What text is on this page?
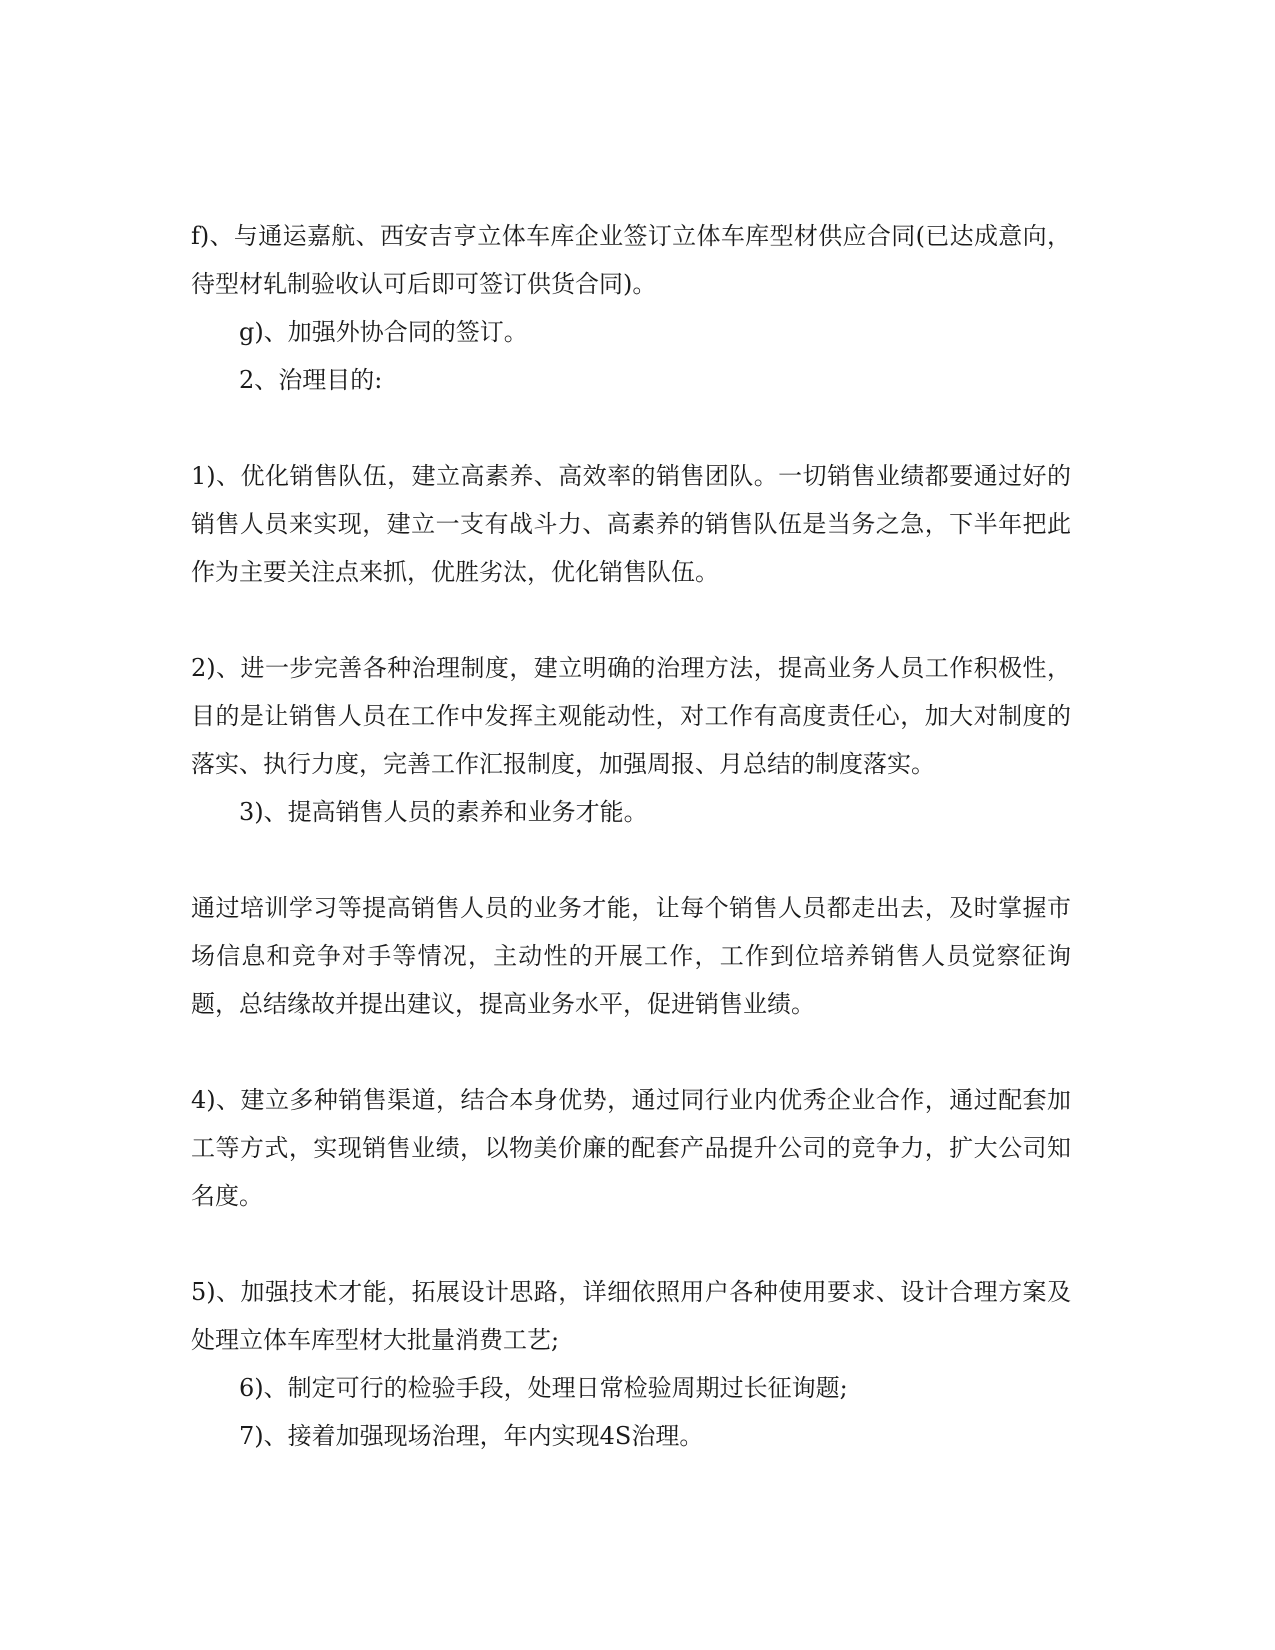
f)、与通运嘉航、西安吉亨立体车库企业签订立体车库型材供应合同(已达成意向，待型材轧制验收认可后即可签订供货合同)。

g)、加强外协合同的签订。

2、治理目的:

1)、优化销售队伍，建立高素养、高效率的销售团队。一切销售业绩都要通过好的销售人员来实现，建立一支有战斗力、高素养的销售队伍是当务之急，下半年把此作为主要关注点来抓，优胜劣汰，优化销售队伍。

2)、进一步完善各种治理制度，建立明确的治理方法，提高业务人员工作积极性，目的是让销售人员在工作中发挥主观能动性，对工作有高度责任心，加大对制度的落实、执行力度，完善工作汇报制度，加强周报、月总结的制度落实。

3)、提高销售人员的素养和业务才能。

通过培训学习等提高销售人员的业务才能，让每个销售人员都走出去，及时掌握市场信息和竞争对手等情况，主动性的开展工作，工作到位培养销售人员觉察征询题，总结缘故并提出建议，提高业务水平，促进销售业绩。

4)、建立多种销售渠道，结合本身优势，通过同行业内优秀企业合作，通过配套加工等方式，实现销售业绩，以物美价廉的配套产品提升公司的竞争力，扩大公司知名度。

5)、加强技术才能，拓展设计思路，详细依照用户各种使用要求、设计合理方案及处理立体车库型材大批量消费工艺;

6)、制定可行的检验手段，处理日常检验周期过长征询题;

7)、接着加强现场治理，年内实现4S治理。
